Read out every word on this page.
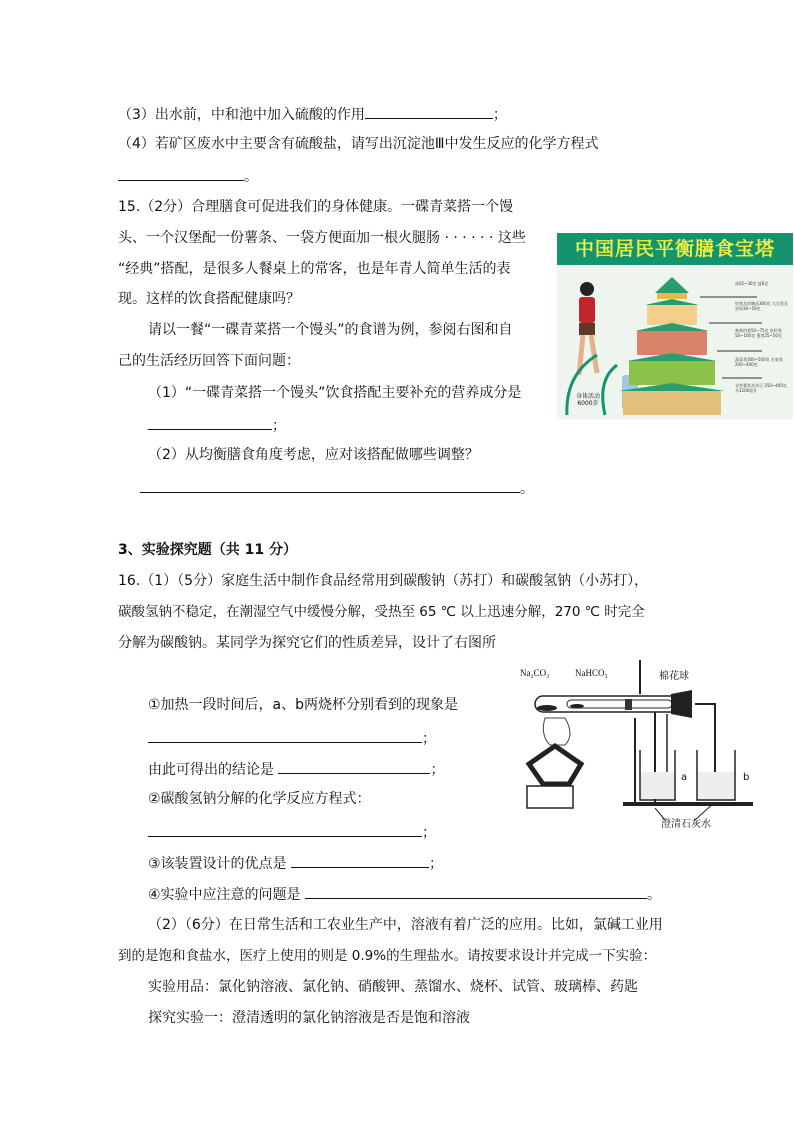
（3）出水前，中和池中加入硫酸的作用	；
（4）若矿区废水中主要含有硫酸盐，请写出沉淀池Ⅲ中发生反应的化学方程式
。
15.（2分）合理膳食可促进我们的身体健康。一碟青菜搭一个馒
头、一个汉堡配一份薯条、一袋方便面加一根火腿肠 · · · · · · 这些
“经典”搭配，是很多人餐桌上的常客，也是年青人简单生活的表
现。这样的饮食搭配健康吗？
请以一餐“一碟青菜搭一个馒头”的食谱为例，参阅右图和自
己的生活经历回答下面问题：
（1）“一碟青菜搭一个馒头”饮食搭配主要补充的营养成分是
；
（2）从均衡膳食角度考虑，应对该搭配做哪些调整？
。
中国居民平衡膳食宝塔
身体活动 6000步
油25~30克 盐6克
奶类及奶制品300克 大豆类及坚果30~50克
畜禽肉类50~75克 鱼虾类50~100克 蛋类25~50克
蔬菜类300~500克 水果类200~400克
谷类薯类及杂豆 250~400克 水1200毫升
3、实验探究题（共 11 分）
16.（1）（5分）家庭生活中制作食品经常用到碳酸钠（苏打）和碳酸氢钠（小苏打），
碳酸氢钠不稳定，在潮湿空气中缓慢分解，受热至 65 ℃ 以上迅速分解，270 ℃ 时完全
分解为碳酸钠。某同学为探究它们的性质差异，设计了右图所
①加热一段时间后，a、b两烧杯分别看到的现象是
；
由此可得出的结论是	；
②碳酸氢钠分解的化学反应方程式：
；
③该装置设计的优点是	；
④实验中应注意的问题是	。
Na₂CO₃	NaHCO₃	棉花球
a	b
澄清石灰水
（2）（6分）在日常生活和工农业生产中，溶液有着广泛的应用。比如，氯碱工业用
到的是饱和食盐水，医疗上使用的则是 0.9%的生理盐水。请按要求设计并完成一下实验：
实验用品：氯化钠溶液、氯化钠、硝酸钾、蒸馏水、烧杯、试管、玻璃棒、药匙
探究实验一：澄清透明的氯化钠溶液是否是饱和溶液
